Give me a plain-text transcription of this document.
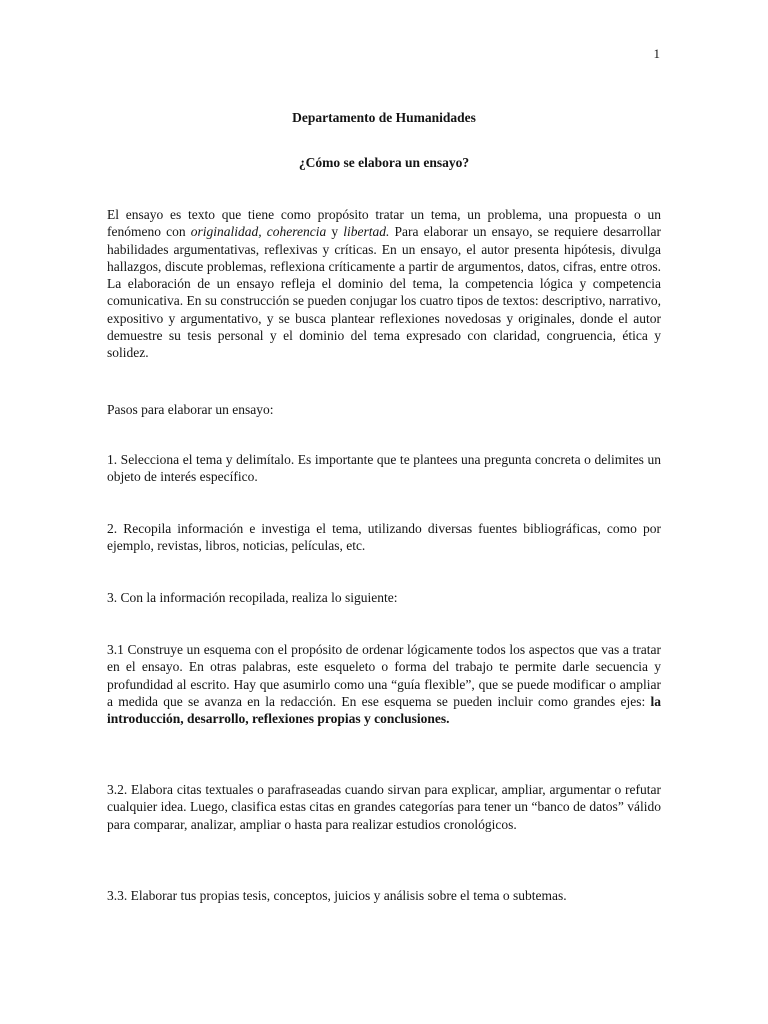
1
Departamento de Humanidades
¿Cómo se elabora un ensayo?

El ensayo es texto que tiene como propósito tratar un tema, un problema, una propuesta o un fenómeno con originalidad, coherencia y libertad. Para elaborar un ensayo, se requiere desarrollar habilidades argumentativas, reflexivas y críticas. En un ensayo, el autor presenta hipótesis, divulga hallazgos, discute problemas, reflexiona críticamente a partir de argumentos, datos, cifras, entre otros. La elaboración de un ensayo refleja el dominio del tema, la competencia lógica y competencia comunicativa. En su construcción se pueden conjugar los cuatro tipos de textos: descriptivo, narrativo, expositivo y argumentativo, y se busca plantear reflexiones novedosas y originales, donde el autor demuestre su tesis personal y el dominio del tema expresado con claridad, congruencia, ética y solidez.

Pasos para elaborar un ensayo:

1. Selecciona el tema y delimítalo. Es importante que te plantees una pregunta concreta o delimites un objeto de interés específico.

2. Recopila información e investiga el tema, utilizando diversas fuentes bibliográficas, como por ejemplo, revistas, libros, noticias, películas, etc.

3. Con la información recopilada, realiza lo siguiente:

3.1 Construye un esquema con el propósito de ordenar lógicamente todos los aspectos que vas a tratar en el ensayo. En otras palabras, este esqueleto o forma del trabajo te permite darle secuencia y profundidad al escrito. Hay que asumirlo como una “guía flexible”, que se puede modificar o ampliar a medida que se avanza en la redacción. En ese esquema se pueden incluir como grandes ejes: la introducción, desarrollo, reflexiones propias y conclusiones.

3.2. Elabora citas textuales o parafraseadas cuando sirvan para explicar, ampliar, argumentar o refutar cualquier idea. Luego, clasifica estas citas en grandes categorías para tener un “banco de datos” válido para comparar, analizar, ampliar o hasta para realizar estudios cronológicos.

3.3. Elaborar tus propias tesis, conceptos, juicios y análisis sobre el tema o subtemas.
